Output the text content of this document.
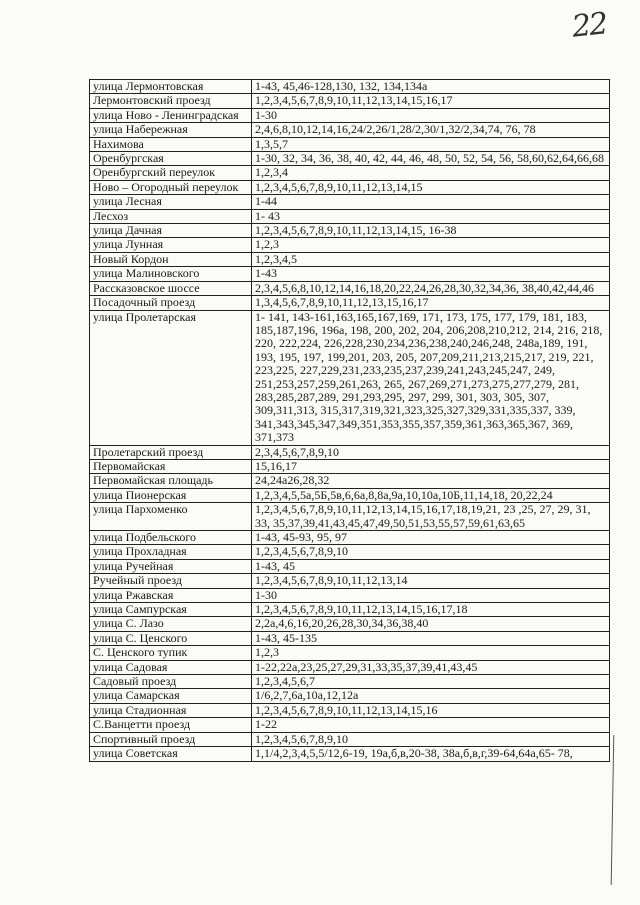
22
улица Лермонтовская	1-43, 45,46-128,130, 132, 134,134а
Лермонтовский проезд	1,2,3,4,5,6,7,8,9,10,11,12,13,14,15,16,17
улица Ново - Ленинградская	1-30
улица Набережная	2,4,6,8,10,12,14,16,24/2,26/1,28/2,30/1,32/2,34,74, 76, 78
Нахимова	1,3,5,7
Оренбургская	1-30, 32, 34, 36, 38, 40, 42, 44, 46, 48, 50, 52, 54, 56, 58,60,62,64,66,68
Оренбургский переулок	1,2,3,4
Ново – Огородный переулок	1,2,3,4,5,6,7,8,9,10,11,12,13,14,15
улица Лесная	1-44
Лесхоз	1- 43
улица Дачная	1,2,3,4,5,6,7,8,9,10,11,12,13,14,15, 16-38
улица Лунная	1,2,3
Новый Кордон	1,2,3,4,5
улица Малиновского	1-43
Рассказовское шоссе	2,3,4,5,6,8,10,12,14,16,18,20,22,24,26,28,30,32,34,36, 38,40,42,44,46
Посадочный проезд	1,3,4,5,6,7,8,9,10,11,12,13,15,16,17
улица Пролетарская	1- 141, 143-161,163,165,167,169, 171, 173, 175, 177, 179, 181, 183, 185,187,196, 196а, 198, 200, 202, 204, 206,208,210,212, 214, 216, 218, 220, 222,224, 226,228,230,234,236,238,240,246,248, 248а,189, 191, 193, 195, 197, 199,201, 203, 205, 207,209,211,213,215,217, 219, 221, 223,225, 227,229,231,233,235,237,239,241,243,245,247, 249, 251,253,257,259,261,263, 265, 267,269,271,273,275,277,279, 281, 283,285,287,289, 291,293,295, 297, 299, 301, 303, 305, 307, 309,311,313, 315,317,319,321,323,325,327,329,331,335,337, 339, 341,343,345,347,349,351,353,355,357,359,361,363,365,367, 369, 371,373
Пролетарский проезд	2,3,4,5,6,7,8,9,10
Первомайская	15,16,17
Первомайская площадь	24,24а26,28,32
улица Пионерская	1,2,3,4,5,5а,5Б,5в,6,6а,8,8а,9а,10,10а,10Б,11,14,18, 20,22,24
улица Пархоменко	1,2,3,4,5,6,7,8,9,10,11,12,13,14,15,16,17,18,19,21, 23 ,25, 27, 29, 31, 33, 35,37,39,41,43,45,47,49,50,51,53,55,57,59,61,63,65
улица Подбельского	1-43, 45-93, 95, 97
улица Прохладная	1,2,3,4,5,6,7,8,9,10
улица Ручейная	1-43, 45
Ручейный проезд	1,2,3,4,5,6,7,8,9,10,11,12,13,14
улица Ржавская	1-30
улица Сампурская	1,2,3,4,5,6,7,8,9,10,11,12,13,14,15,16,17,18
улица С. Лазо	2,2а,4,6,16,20,26,28,30,34,36,38,40
улица С. Ценского	1-43, 45-135
С. Ценского тупик	1,2,3
улица Садовая	1-22,22а,23,25,27,29,31,33,35,37,39,41,43,45
Садовый проезд	1,2,3,4,5,6,7
улица Самарская	1/6,2,7,6а,10а,12,12а
улица Стадионная	1,2,3,4,5,6,7,8,9,10,11,12,13,14,15,16
С.Ванцетти проезд	1-22
Спортивный проезд	1,2,3,4,5,6,7,8,9,10
улица Советская	1,1/4,2,3,4,5,5/12,6-19, 19а,б,в,20-38, 38а,б,в,г,39-64,64а,65- 78,
